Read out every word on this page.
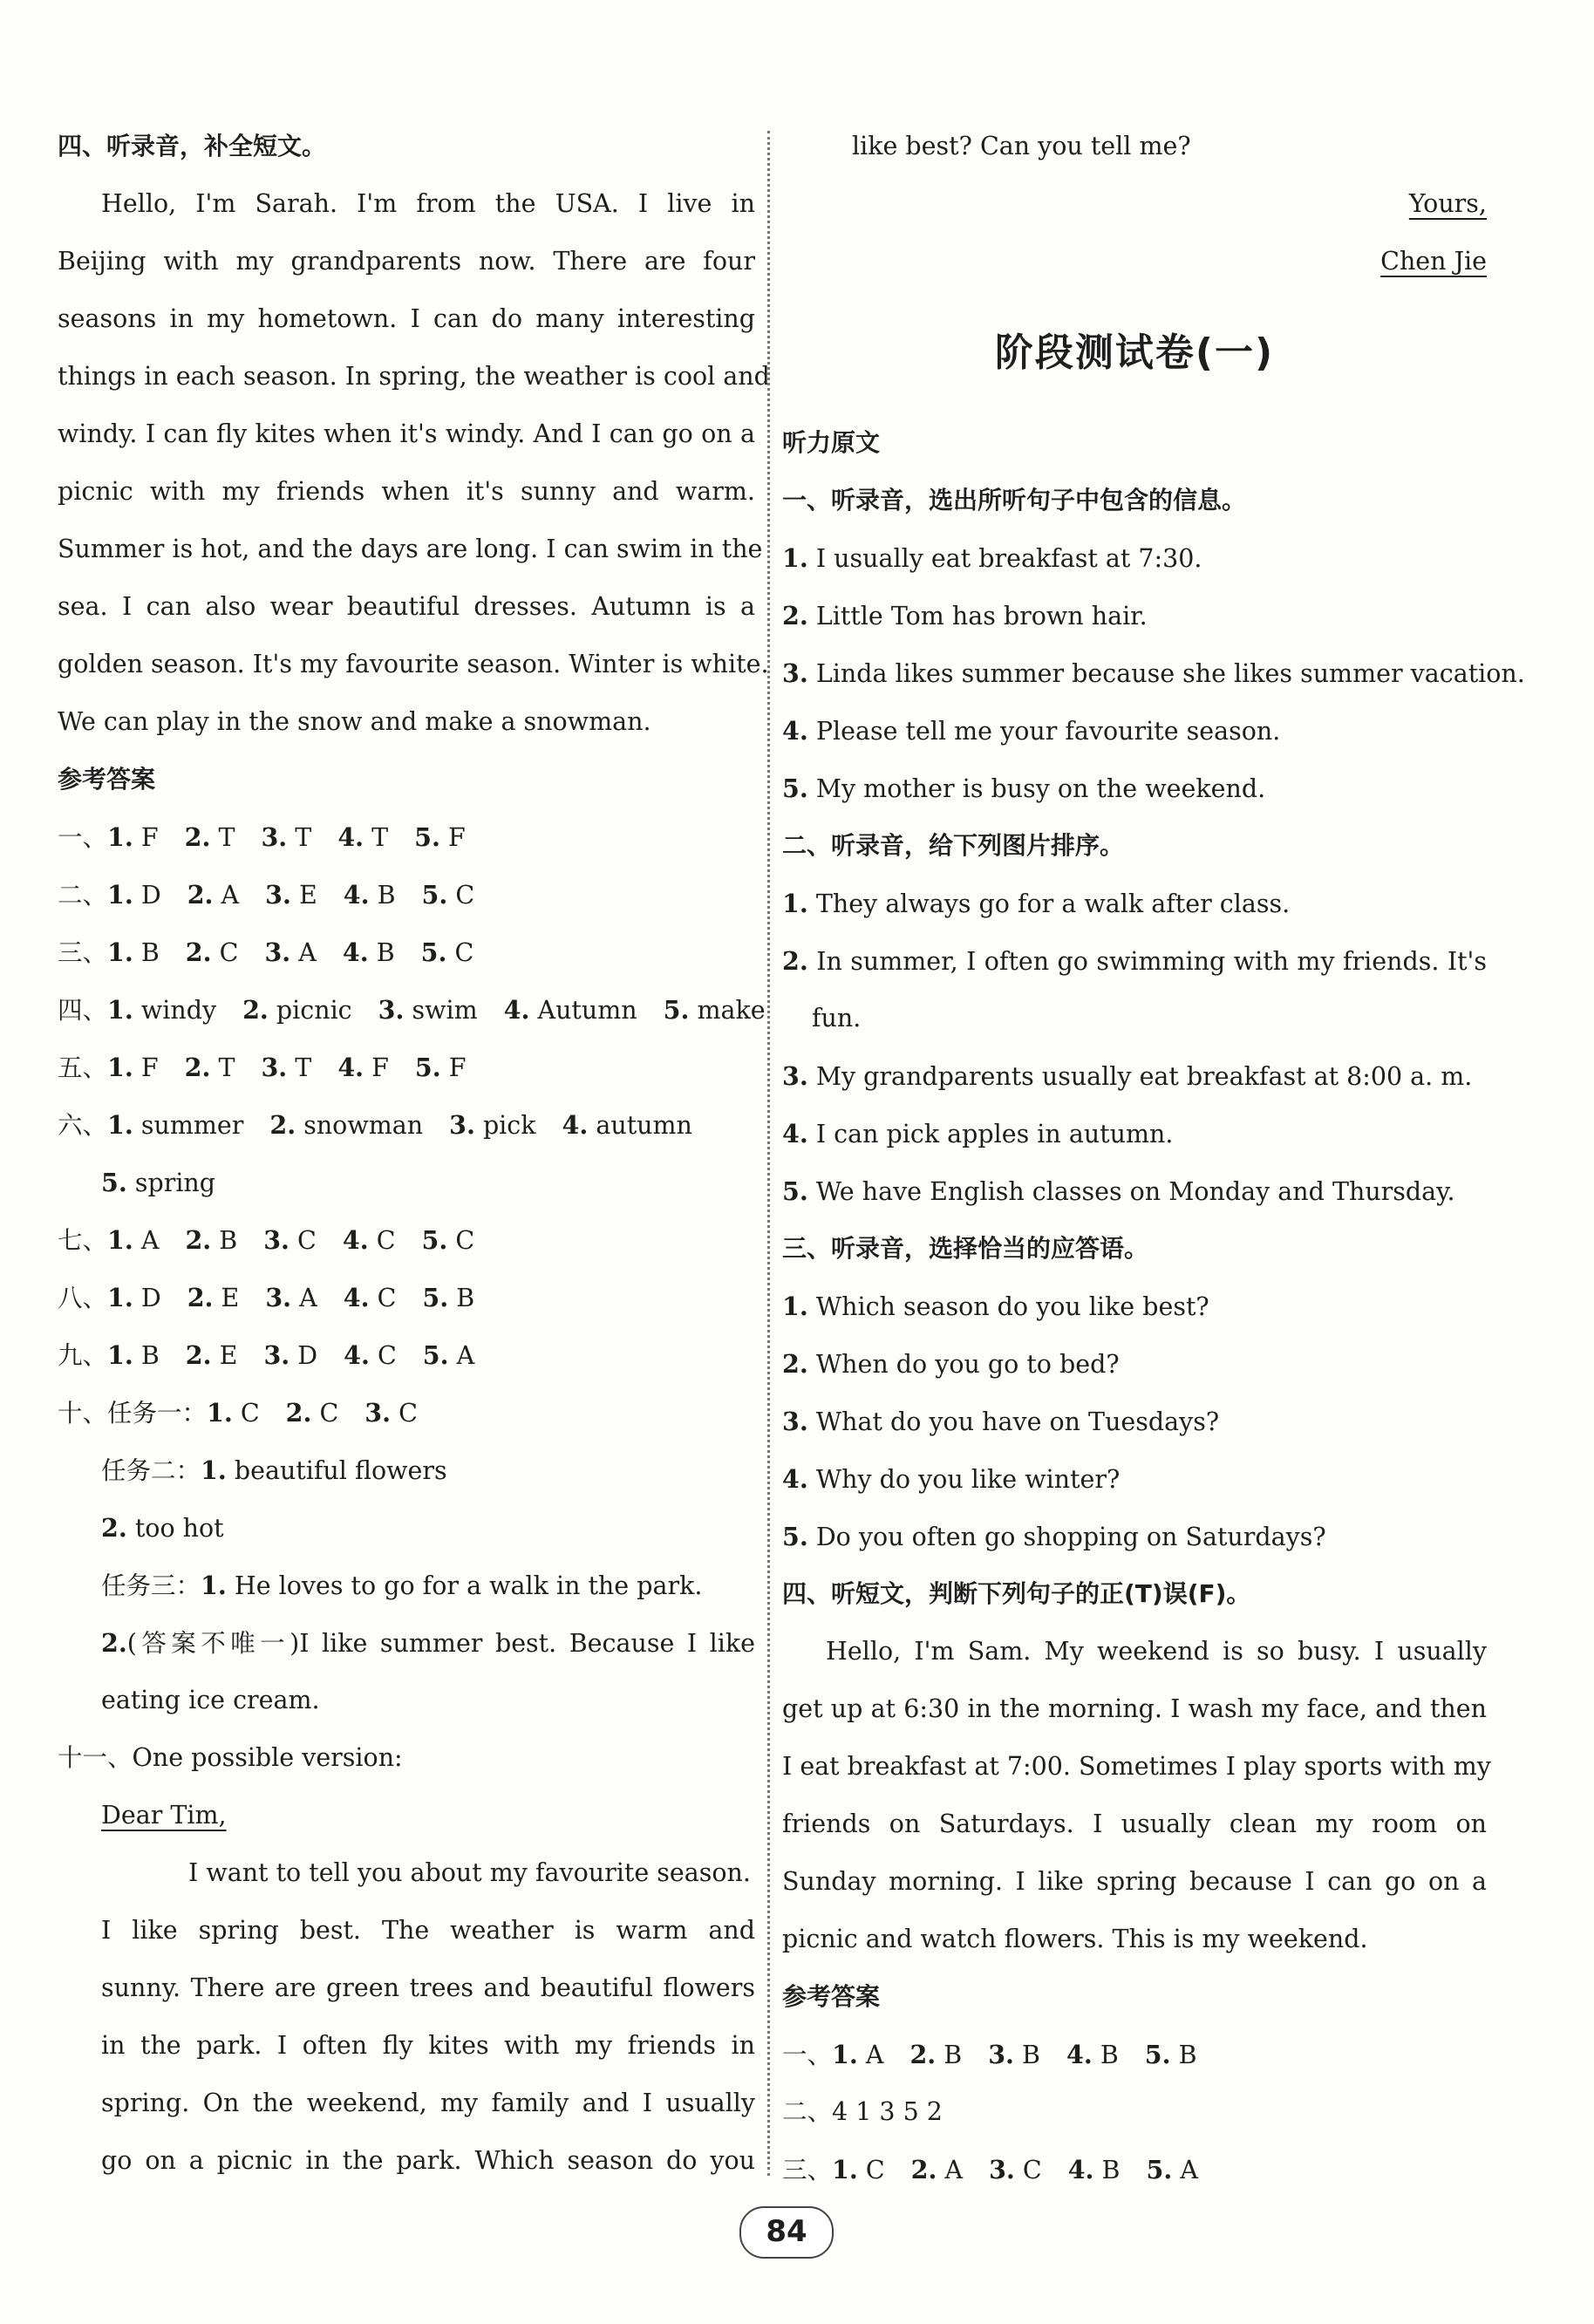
四、听录音，补全短文。
Hello, I'm Sarah. I'm from the USA. I live in
Beijing with my grandparents now. There are four
seasons in my hometown. I can do many interesting
things in each season. In spring, the weather is cool and
windy. I can fly kites when it's windy. And I can go on a
picnic with my friends when it's sunny and warm.
Summer is hot, and the days are long. I can swim in the
sea. I can also wear beautiful dresses. Autumn is a
golden season. It's my favourite season. Winter is white.
We can play in the snow and make a snowman.
参考答案
一、1. F 2. T 3. T 4. T 5. F
二、1. D 2. A 3. E 4. B 5. C
三、1. B 2. C 3. A 4. B 5. C
四、1. windy 2. picnic 3. swim 4. Autumn 5. make
五、1. F 2. T 3. T 4. F 5. F
六、1. summer 2. snowman 3. pick 4. autumn
5. spring
七、1. A 2. B 3. C 4. C 5. C
八、1. D 2. E 3. A 4. C 5. B
九、1. B 2. E 3. D 4. C 5. A
十、任务一：1. C 2. C 3. C
任务二：1. beautiful flowers
2. too hot
任务三：1. He loves to go for a walk in the park.
2.(答案不唯一)I like summer best. Because I like
eating ice cream.
十一、One possible version:
Dear Tim,
I want to tell you about my favourite season.
I like spring best. The weather is warm and
sunny. There are green trees and beautiful flowers
in the park. I often fly kites with my friends in
spring. On the weekend, my family and I usually
go on a picnic in the park. Which season do you
like best? Can you tell me?
Yours,
Chen Jie
阶段测试卷(一)
听力原文
一、听录音，选出所听句子中包含的信息。
1. I usually eat breakfast at 7:30.
2. Little Tom has brown hair.
3. Linda likes summer because she likes summer vacation.
4. Please tell me your favourite season.
5. My mother is busy on the weekend.
二、听录音，给下列图片排序。
1. They always go for a walk after class.
2. In summer, I often go swimming with my friends. It's
fun.
3. My grandparents usually eat breakfast at 8:00 a. m.
4. I can pick apples in autumn.
5. We have English classes on Monday and Thursday.
三、听录音，选择恰当的应答语。
1. Which season do you like best?
2. When do you go to bed?
3. What do you have on Tuesdays?
4. Why do you like winter?
5. Do you often go shopping on Saturdays?
四、听短文，判断下列句子的正(T)误(F)。
Hello, I'm Sam. My weekend is so busy. I usually
get up at 6:30 in the morning. I wash my face, and then
I eat breakfast at 7:00. Sometimes I play sports with my
friends on Saturdays. I usually clean my room on
Sunday morning. I like spring because I can go on a
picnic and watch flowers. This is my weekend.
参考答案
一、1. A 2. B 3. B 4. B 5. B
二、4 1 3 5 2
三、1. C 2. A 3. C 4. B 5. A
84
